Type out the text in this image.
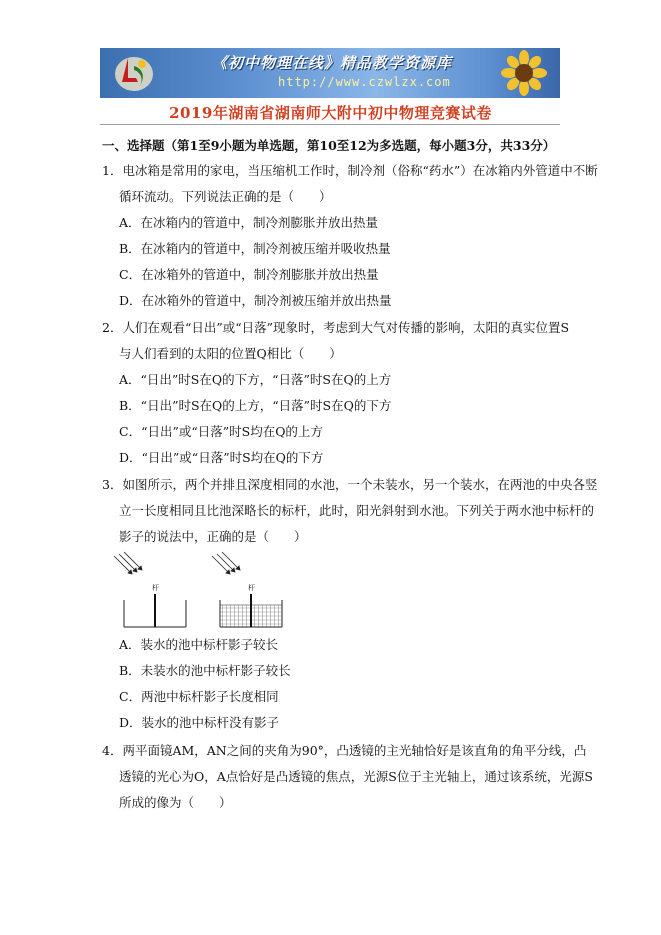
《初中物理在线》精品教学资源库
http://www.czwlzx.com
2019年湖南省湖南师大附中初中物理竞赛试卷
一、选择题（第1至9小题为单选题，第10至12为多选题，每小题3分，共33分）
1．电冰箱是常用的家电，当压缩机工作时，制冷剂（俗称“药水”）在冰箱内外管道中不断
循环流动。下列说法正确的是（　　）
A．在冰箱内的管道中，制冷剂膨胀并放出热量
B．在冰箱内的管道中，制冷剂被压缩并吸收热量
C．在冰箱外的管道中，制冷剂膨胀并放出热量
D．在冰箱外的管道中，制冷剂被压缩并放出热量
2．人们在观看“日出”或“日落”现象时，考虑到大气对传播的影响，太阳的真实位置S
与人们看到的太阳的位置Q相比（　　）
A．“日出”时S在Q的下方，“日落”时S在Q的上方
B．“日出”时S在Q的上方，“日落”时S在Q的下方
C．“日出”或“日落”时S均在Q的上方
D．“日出”或“日落”时S均在Q的下方
3．如图所示，两个并排且深度相同的水池，一个未装水，另一个装水，在两池的中央各竖
立一长度相同且比池深略长的标杆，此时，阳光斜射到水池。下列关于两水池中标杆的
影子的说法中，正确的是（　　）
杆	杆
A．装水的池中标杆影子较长
B．未装水的池中标杆影子较长
C．两池中标杆影子长度相同
D．装水的池中标杆没有影子
4．两平面镜AM，AN之间的夹角为90°，凸透镜的主光轴恰好是该直角的角平分线，凸
透镜的光心为O，A点恰好是凸透镜的焦点，光源S位于主光轴上，通过该系统，光源S
所成的像为（　　）
